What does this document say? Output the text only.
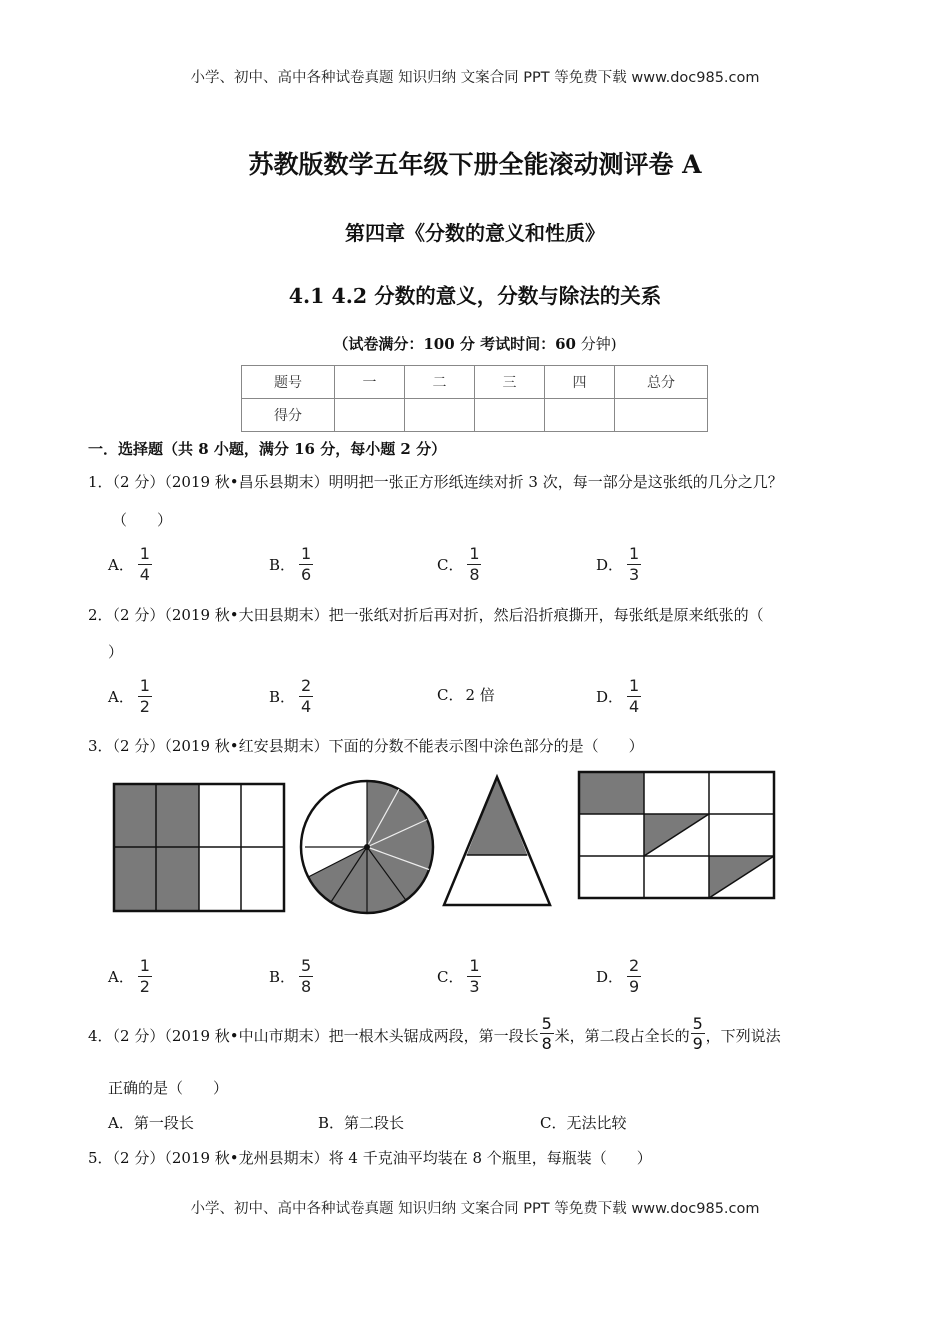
小学、初中、高中各种试卷真题 知识归纳 文案合同 PPT 等免费下载 www.doc985.com
苏教版数学五年级下册全能滚动测评卷 A
第四章《分数的意义和性质》
4.1 4.2 分数的意义，分数与除法的关系
（试卷满分：100 分 考试时间：60 分钟)
题号	一	二	三	四	总分
得分					
一．选择题（共 8 小题，满分 16 分，每小题 2 分）
1．（2 分）（2019 秋•昌乐县期末）明明把一张正方形纸连续对折 3 次，每一部分是这张纸的几分之几？
（　　）
A． $\frac{1}{4}$	B． $\frac{1}{6}$	C． $\frac{1}{8}$	D． $\frac{1}{3}$
2．（2 分）（2019 秋•大田县期末）把一张纸对折后再对折，然后沿折痕撕开，每张纸是原来纸张的（
）
A． $\frac{1}{2}$	B． $\frac{2}{4}$	C． 2 倍	D． $\frac{1}{4}$
3．（2 分）（2019 秋•红安县期末）下面的分数不能表示图中涂色部分的是（　　）
A． $\frac{1}{2}$	B． $\frac{5}{8}$	C． $\frac{1}{3}$	D． $\frac{2}{9}$
4．（2 分）（2019 秋•中山市期末）把一根木头锯成两段，第一段长
5
8 米，第二段占全长的
5
9 ，下列说法
正确的是（　　）
A． 第一段长	B． 第二段长	C． 无法比较
5．（2 分）（2019 秋•龙州县期末）将 4 千克油平均装在 8 个瓶里，每瓶装（　　）
小学、初中、高中各种试卷真题 知识归纳 文案合同 PPT 等免费下载 www.doc985.com
